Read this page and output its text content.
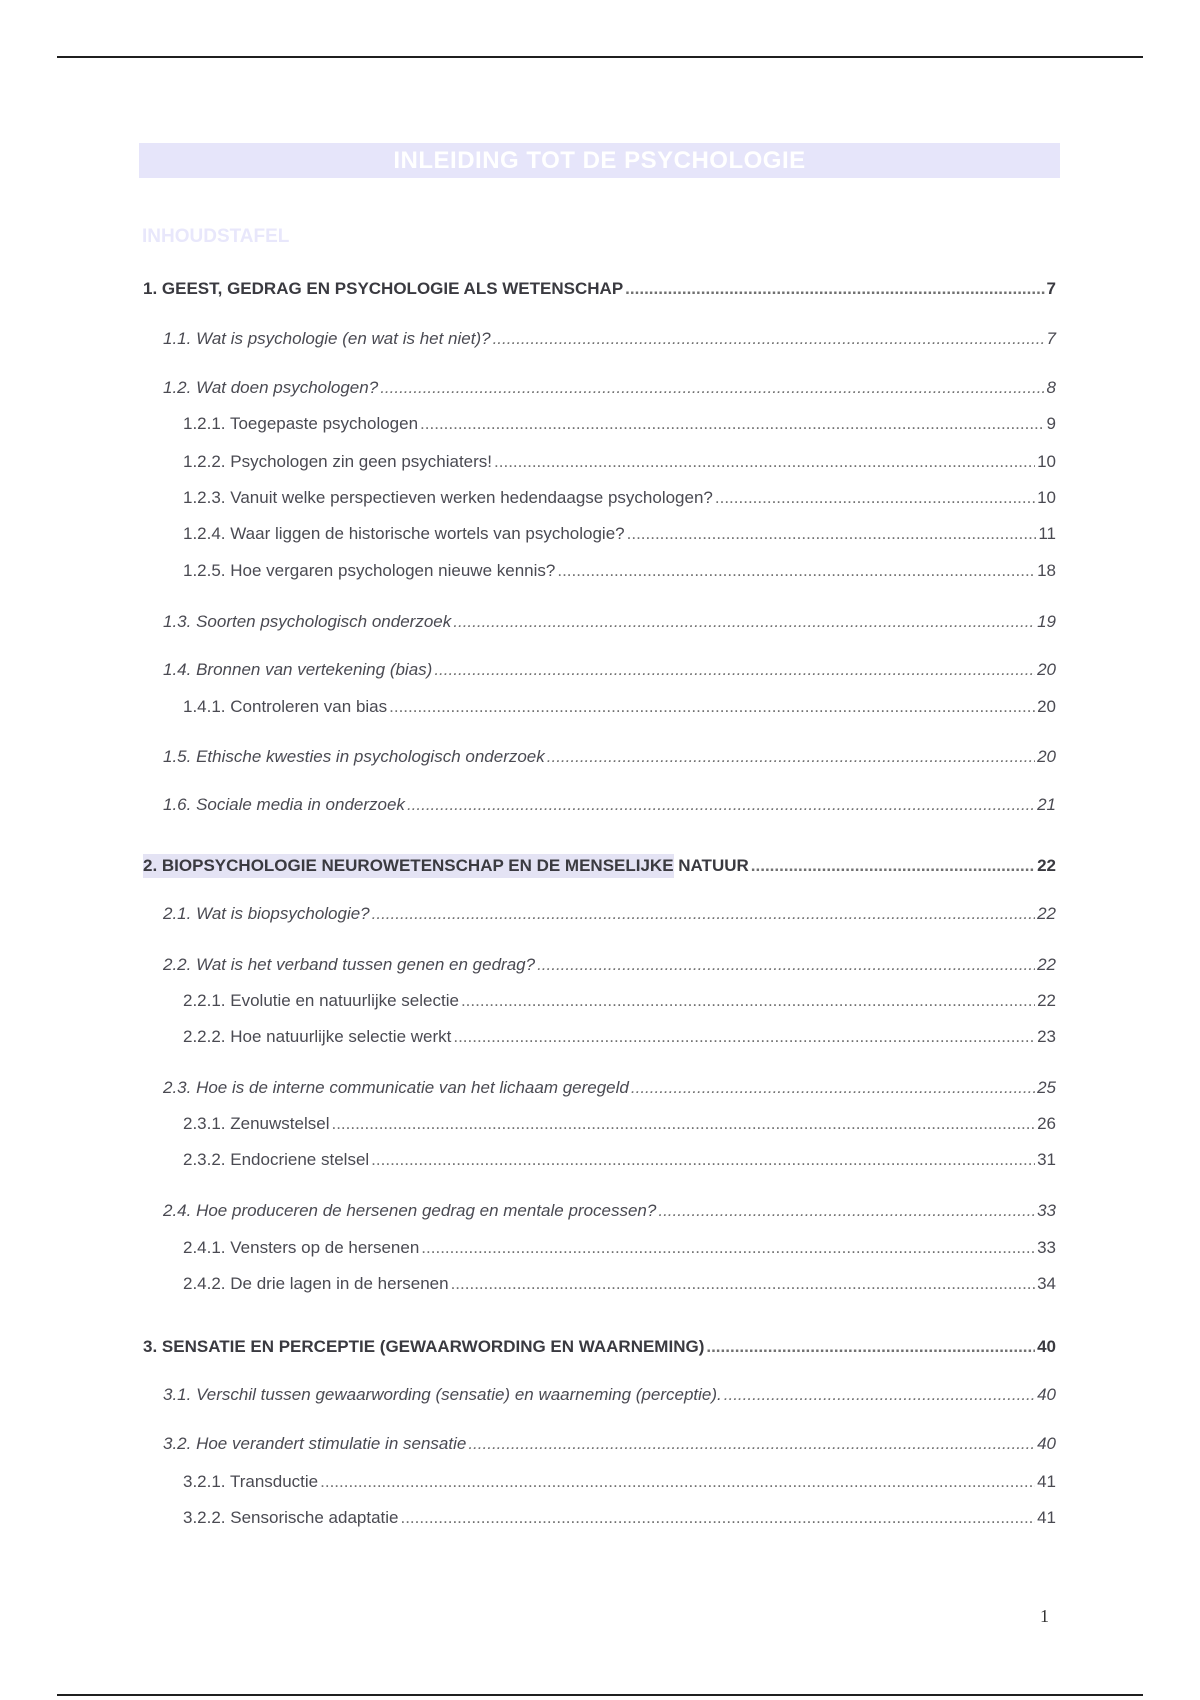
INLEIDING TOT DE PSYCHOLOGIE
INHOUDSTAFEL
1. GEEST, GEDRAG EN PSYCHOLOGIE ALS WETENSCHAP .....	7
1.1. Wat is psychologie (en wat is het niet)? .....	7
1.2. Wat doen psychologen? .....	8
1.2.1. Toegepaste psychologen .....	9
1.2.2. Psychologen zin geen psychiaters! .....	10
1.2.3. Vanuit welke perspectieven werken hedendaagse psychologen? .....	10
1.2.4. Waar liggen de historische wortels van psychologie? .....	11
1.2.5. Hoe vergaren psychologen nieuwe kennis? .....	18
1.3. Soorten psychologisch onderzoek .....	19
1.4. Bronnen van vertekening (bias) .....	20
1.4.1. Controleren van bias .....	20
1.5. Ethische kwesties in psychologisch onderzoek .....	20
1.6. Sociale media in onderzoek .....	21
2. BIOPSYCHOLOGIE NEUROWETENSCHAP EN DE MENSELIJKE NATUUR .....	22
2.1. Wat is biopsychologie? .....	22
2.2. Wat is het verband tussen genen en gedrag? .....	22
2.2.1. Evolutie en natuurlijke selectie .....	22
2.2.2. Hoe natuurlijke selectie werkt .....	23
2.3. Hoe is de interne communicatie van het lichaam geregeld .....	25
2.3.1. Zenuwstelsel .....	26
2.3.2. Endocriene stelsel .....	31
2.4. Hoe produceren de hersenen gedrag en mentale processen? .....	33
2.4.1. Vensters op de hersenen .....	33
2.4.2. De drie lagen in de hersenen .....	34
3. SENSATIE EN PERCEPTIE (GEWAARWORDING EN WAARNEMING) .....	40
3.1. Verschil tussen gewaarwording (sensatie) en waarneming (perceptie). .....	40
3.2. Hoe verandert stimulatie in sensatie .....	40
3.2.1. Transductie .....	41
3.2.2. Sensorische adaptatie .....	41
1
